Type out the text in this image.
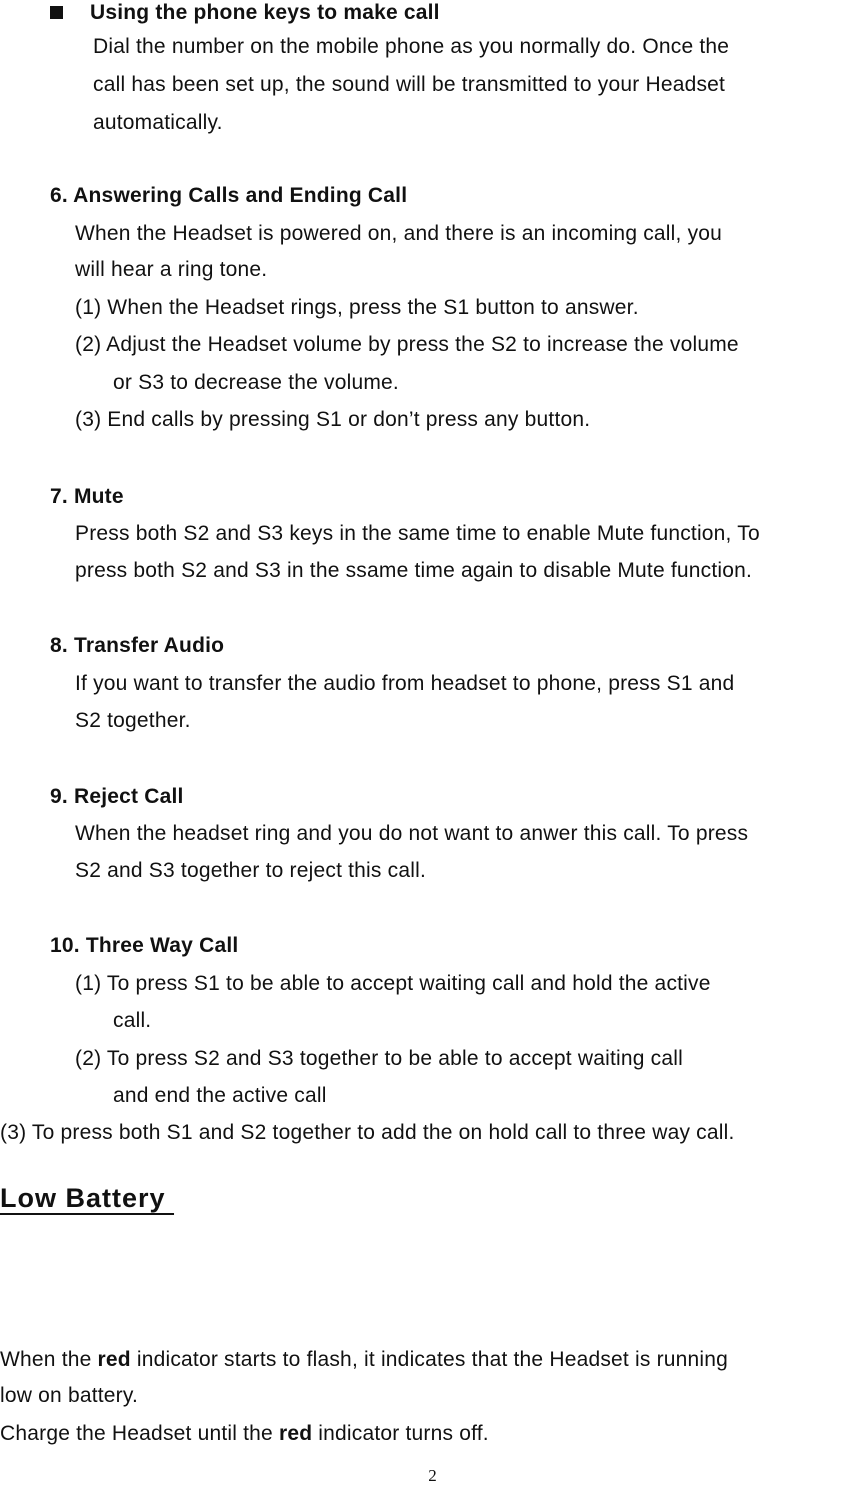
Using the phone keys to make call
Dial the number on the mobile phone as you normally do. Once the
call has been set up, the sound will be transmitted to your Headset
automatically.
6. Answering Calls and Ending Call
When the Headset is powered on, and there is an incoming call, you
will hear a ring tone.
(1) When the Headset rings, press the S1 button to answer.
(2) Adjust the Headset volume by press the S2 to increase the volume
or S3 to decrease the volume.
(3) End calls by pressing S1 or don’t press any button.
7. Mute
Press both S2 and S3 keys in the same time to enable Mute function, To
press both S2 and S3 in the ssame time again to disable Mute function.
8. Transfer Audio
If you want to transfer the audio from headset to phone, press S1 and
S2 together.
9. Reject Call
When the headset ring and you do not want to anwer this call. To press
S2 and S3 together to reject this call.
10. Three Way Call
(1) To press S1 to be able to accept waiting call and hold the active
call.
(2) To press S2 and S3 together to be able to accept waiting call
and end the active call
(3) To press both S1 and S2 together to add the on hold call to three way call.
Low Battery
When the red indicator starts to flash, it indicates that the Headset is running
low on battery.
Charge the Headset until the red indicator turns off.
2
